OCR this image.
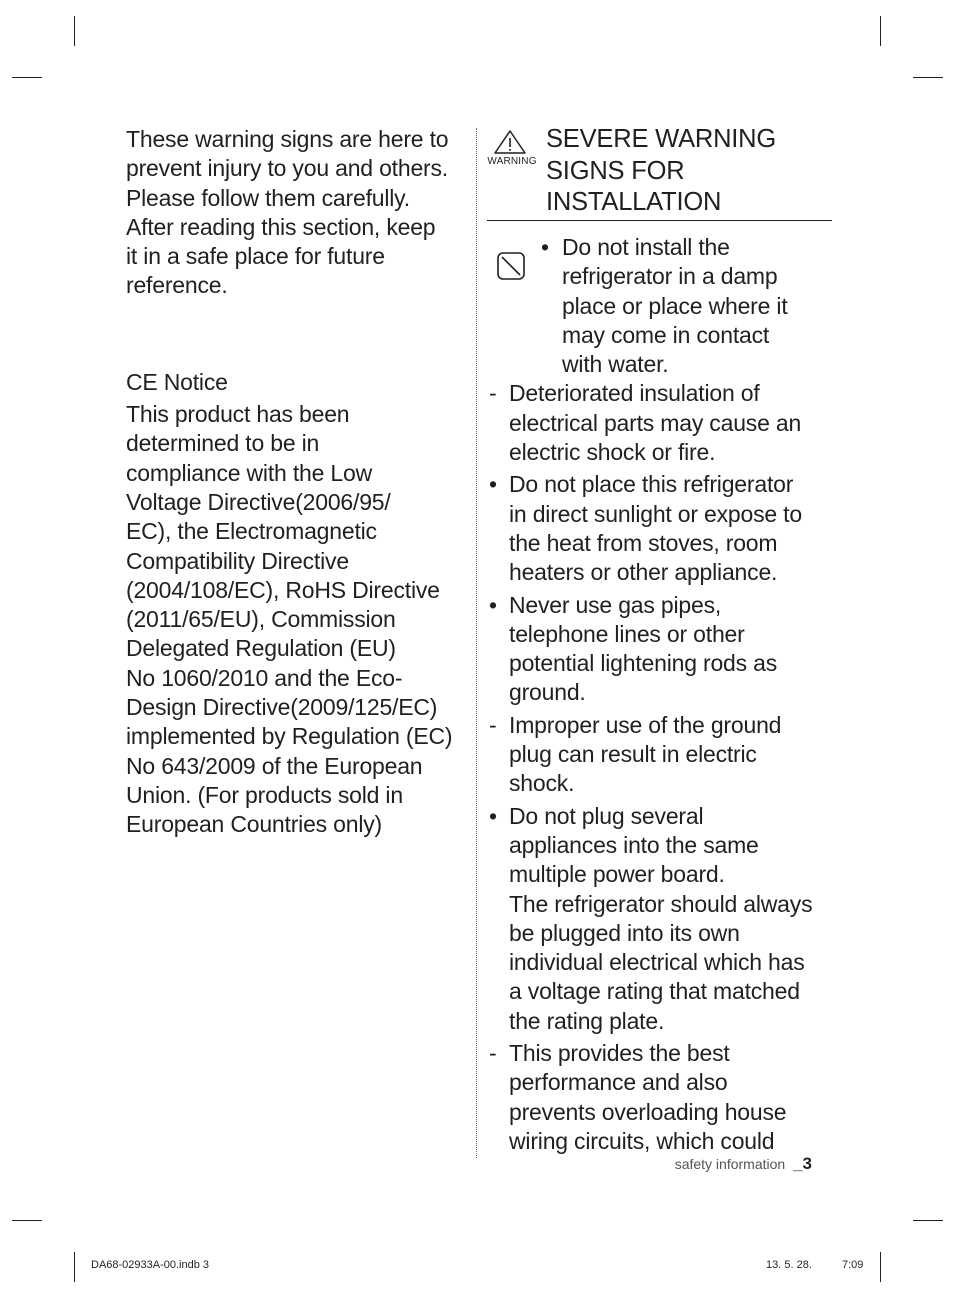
These warning signs are here to
prevent injury to you and others.
Please follow them carefully.
After reading this section, keep
it in a safe place for future
reference.

CE Notice

This product has been
determined to be in
compliance with the Low
Voltage Directive(2006/95/
EC), the Electromagnetic
Compatibility Directive
(2004/108/EC), RoHS Directive
(2011/65/EU), Commission
Delegated Regulation (EU)
No 1060/2010 and the Eco-
Design Directive(2009/125/EC)
implemented by Regulation (EC)
No 643/2009 of the European
Union. (For products sold in
European Countries only)

WARNING
SEVERE WARNING
SIGNS FOR
INSTALLATION
• Do not install the
refrigerator in a damp
place or place where it
may come in contact
with water.
- Deteriorated insulation of
electrical parts may cause an
electric shock or fire.
• Do not place this refrigerator
in direct sunlight or expose to
the heat from stoves, room
heaters or other appliance.
• Never use gas pipes,
telephone lines or other
potential lightening rods as
ground.
- Improper use of the ground
plug can result in electric
shock.
• Do not plug several
appliances into the same
multiple power board.
The refrigerator should always
be plugged into its own
individual electrical which has
a voltage rating that matched
the rating plate.
- This provides the best
performance and also
prevents overloading house
wiring circuits, which could
safety information _3
DA68-02933A-00.indb 3	13. 5. 28.	7:09
